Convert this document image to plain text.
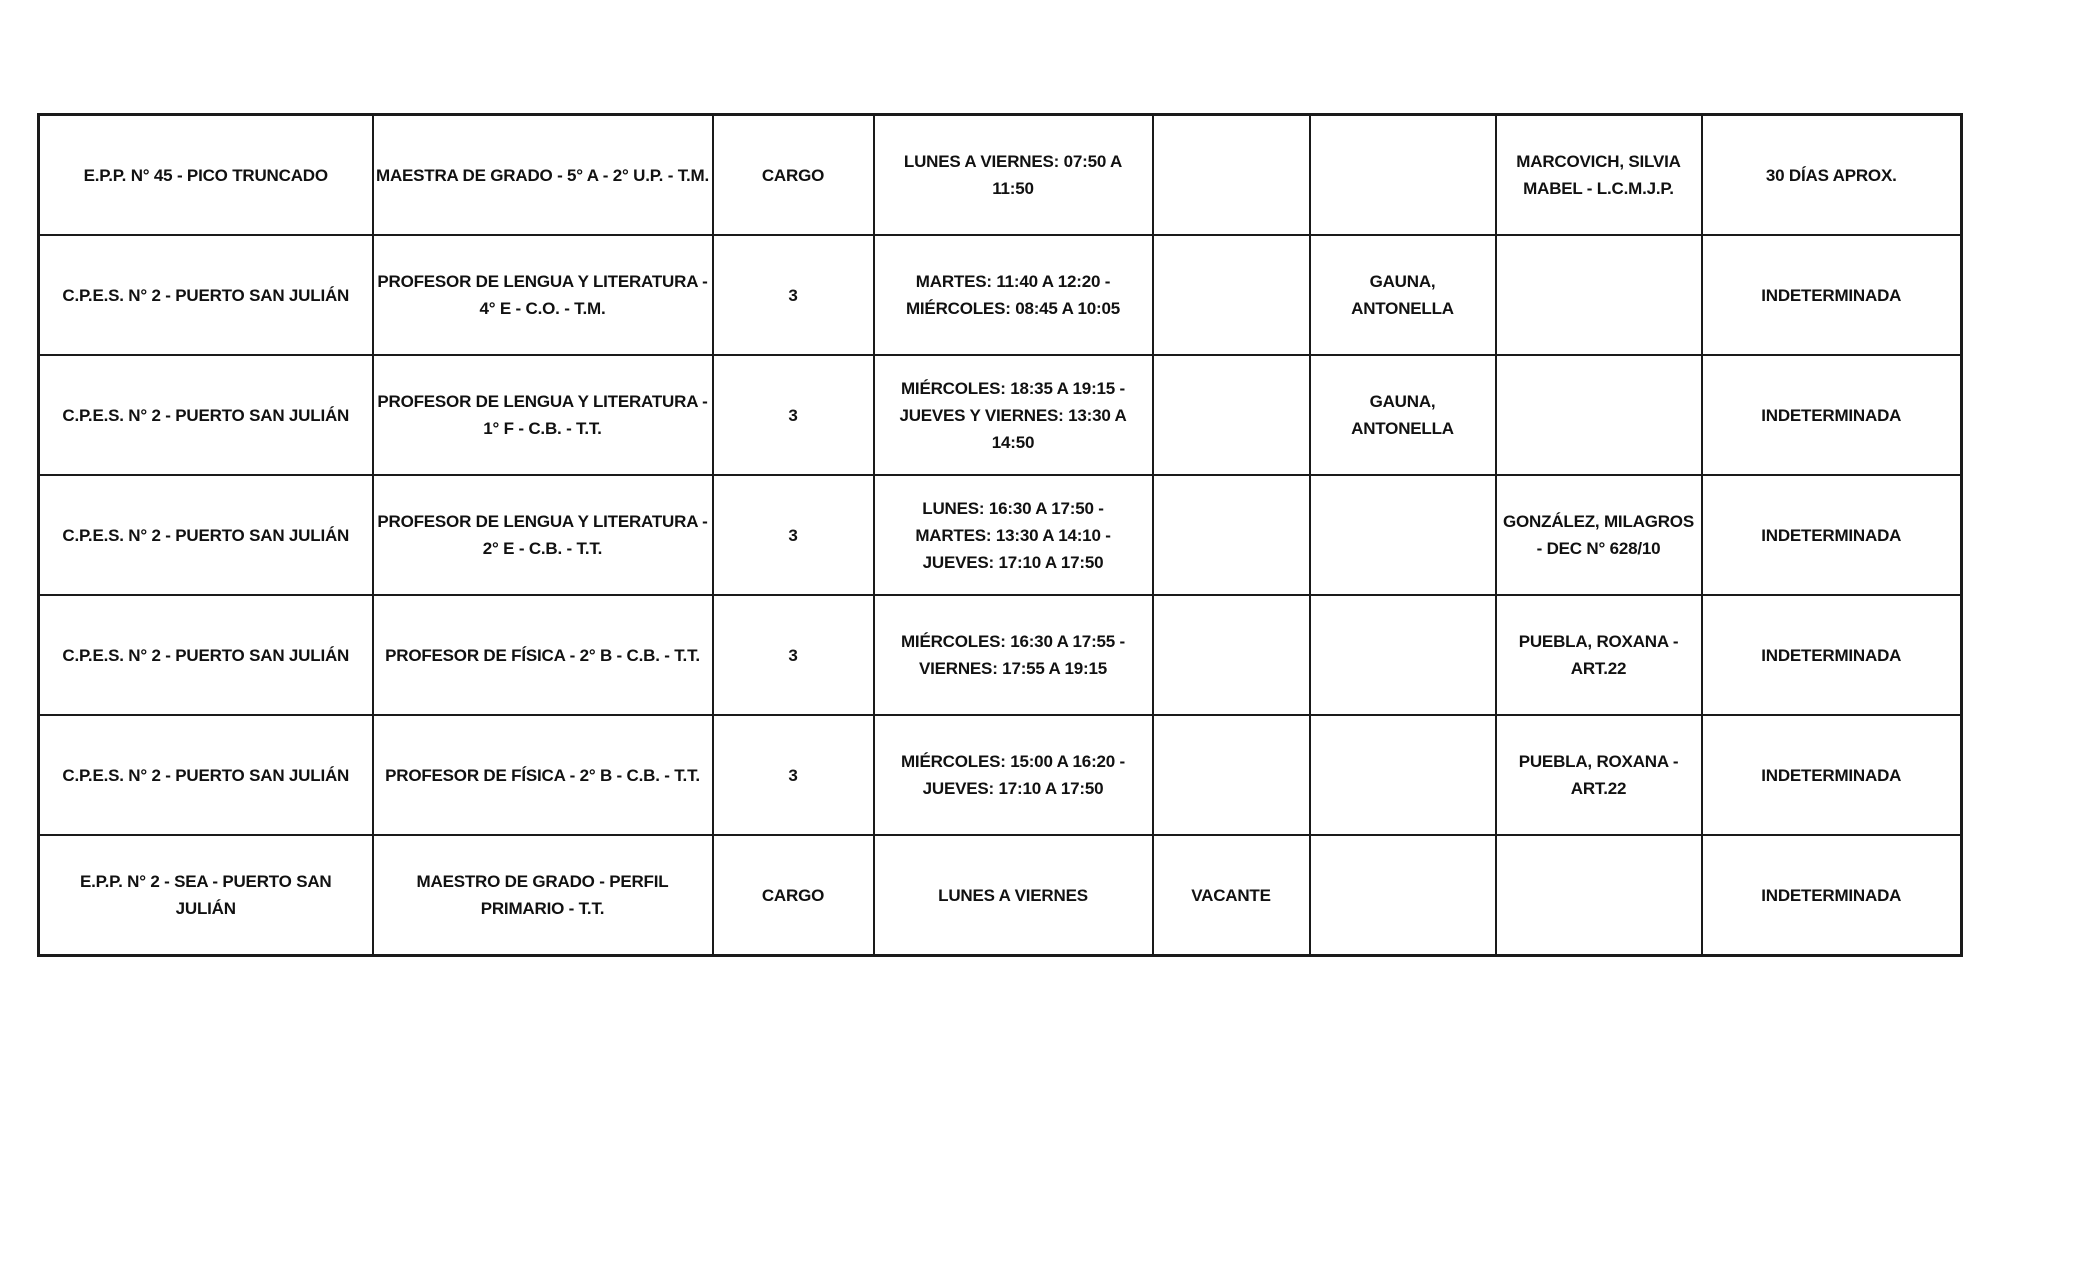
E.P.P. N° 45 - PICO TRUNCADO	MAESTRA DE GRADO - 5° A - 2° U.P. - T.M.	CARGO	LUNES A VIERNES: 07:50 A 11:50			MARCOVICH, SILVIA MABEL - L.C.M.J.P.	30 DÍAS APROX.
C.P.E.S. N° 2 - PUERTO SAN JULIÁN	PROFESOR DE LENGUA Y LITERATURA - 4° E - C.O. - T.M.	3	MARTES: 11:40 A 12:20 - MIÉRCOLES: 08:45 A 10:05		GAUNA, ANTONELLA		INDETERMINADA
C.P.E.S. N° 2 - PUERTO SAN JULIÁN	PROFESOR DE LENGUA Y LITERATURA - 1° F - C.B. - T.T.	3	MIÉRCOLES: 18:35 A 19:15 - JUEVES Y VIERNES: 13:30 A 14:50		GAUNA, ANTONELLA		INDETERMINADA
C.P.E.S. N° 2 - PUERTO SAN JULIÁN	PROFESOR DE LENGUA Y LITERATURA - 2° E - C.B. - T.T.	3	LUNES: 16:30 A 17:50 - MARTES: 13:30 A 14:10 - JUEVES: 17:10 A 17:50			GONZÁLEZ, MILAGROS - DEC N° 628/10	INDETERMINADA
C.P.E.S. N° 2 - PUERTO SAN JULIÁN	PROFESOR DE FÍSICA - 2° B - C.B. - T.T.	3	MIÉRCOLES: 16:30 A 17:55 - VIERNES: 17:55 A 19:15			PUEBLA, ROXANA - ART.22	INDETERMINADA
C.P.E.S. N° 2 - PUERTO SAN JULIÁN	PROFESOR DE FÍSICA - 2° B - C.B. - T.T.	3	MIÉRCOLES: 15:00 A 16:20 - JUEVES: 17:10 A 17:50			PUEBLA, ROXANA - ART.22	INDETERMINADA
E.P.P. N° 2 - SEA - PUERTO SAN JULIÁN	MAESTRO DE GRADO - PERFIL PRIMARIO - T.T.	CARGO	LUNES A VIERNES	VACANTE			INDETERMINADA
